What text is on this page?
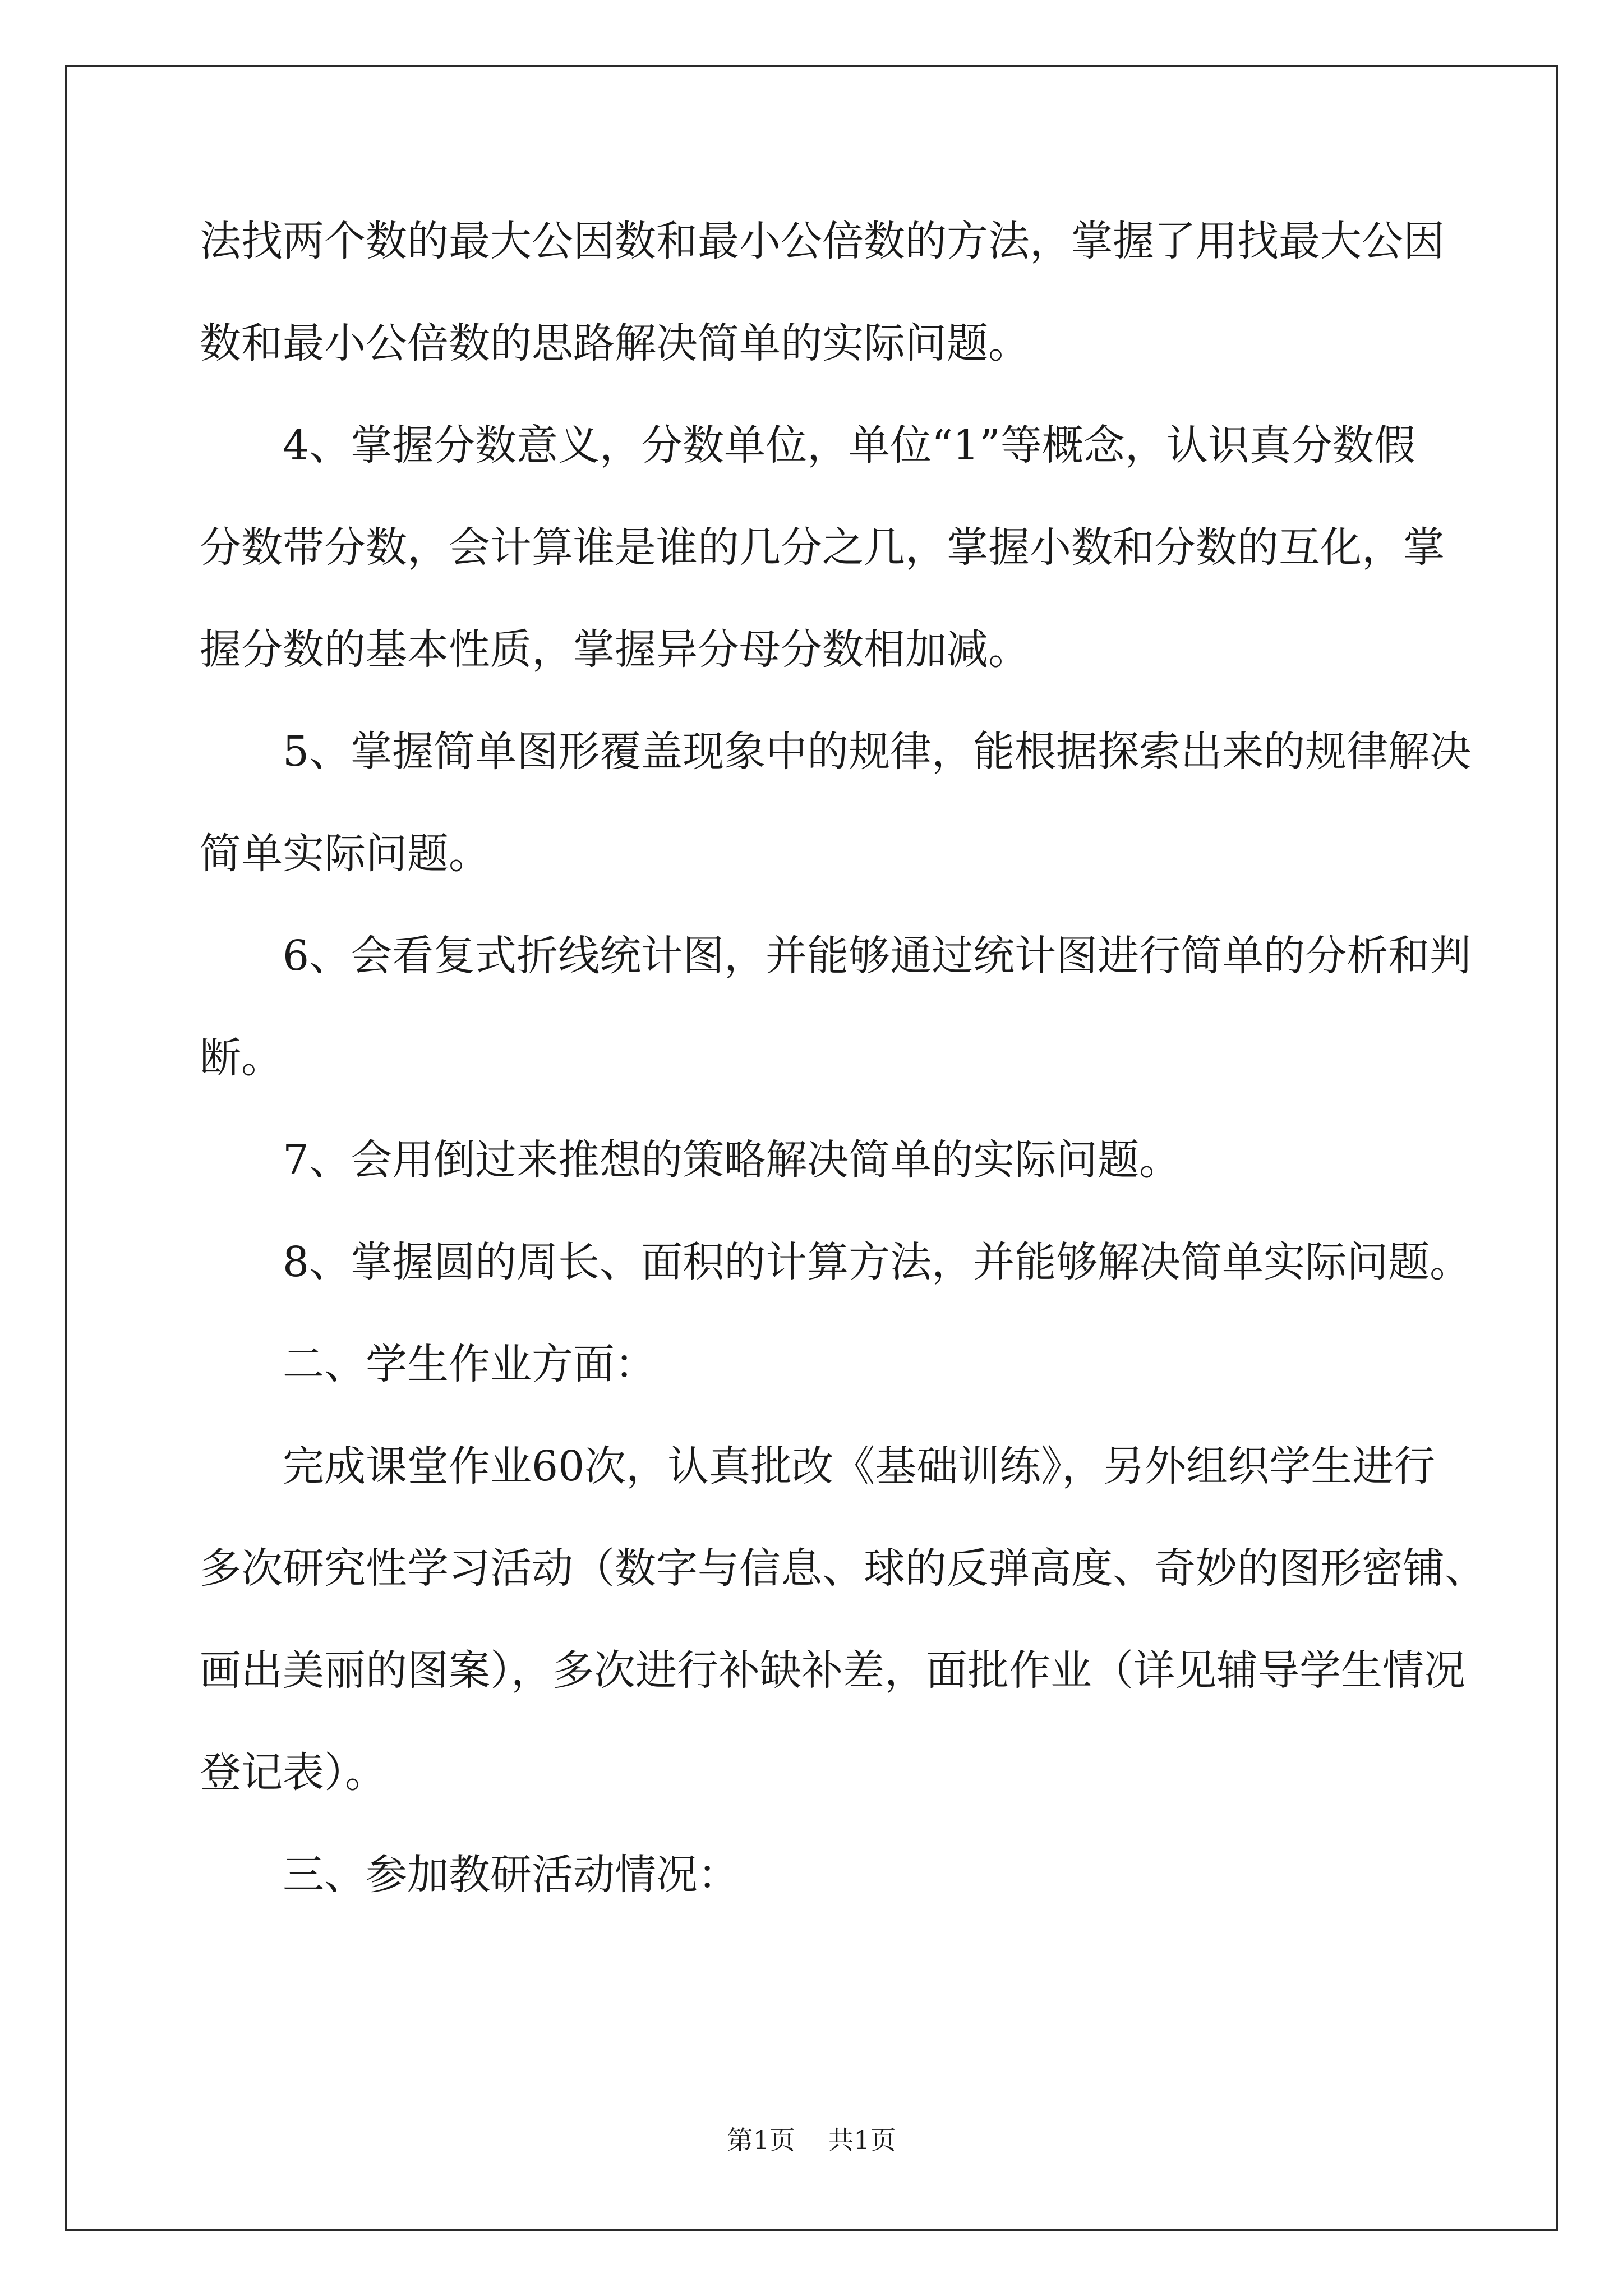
法找两个数的最大公因数和最小公倍数的方法，掌握了用找最大公因
数和最小公倍数的思路解决简单的实际问题。
4、掌握分数意义，分数单位，单位“1”等概念，认识真分数假
分数带分数，会计算谁是谁的几分之几，掌握小数和分数的互化，掌
握分数的基本性质，掌握异分母分数相加减。
5、掌握简单图形覆盖现象中的规律，能根据探索出来的规律解决
简单实际问题。
6、会看复式折线统计图，并能够通过统计图进行简单的分析和判
断。
7、会用倒过来推想的策略解决简单的实际问题。
8、掌握圆的周长、面积的计算方法，并能够解决简单实际问题。
二、学生作业方面：
完成课堂作业60次，认真批改《基础训练》，另外组织学生进行
多次研究性学习活动（数字与信息、球的反弹高度、奇妙的图形密铺、
画出美丽的图案），多次进行补缺补差，面批作业（详见辅导学生情况
登记表）。
三、参加教研活动情况：
第1页 共1页
